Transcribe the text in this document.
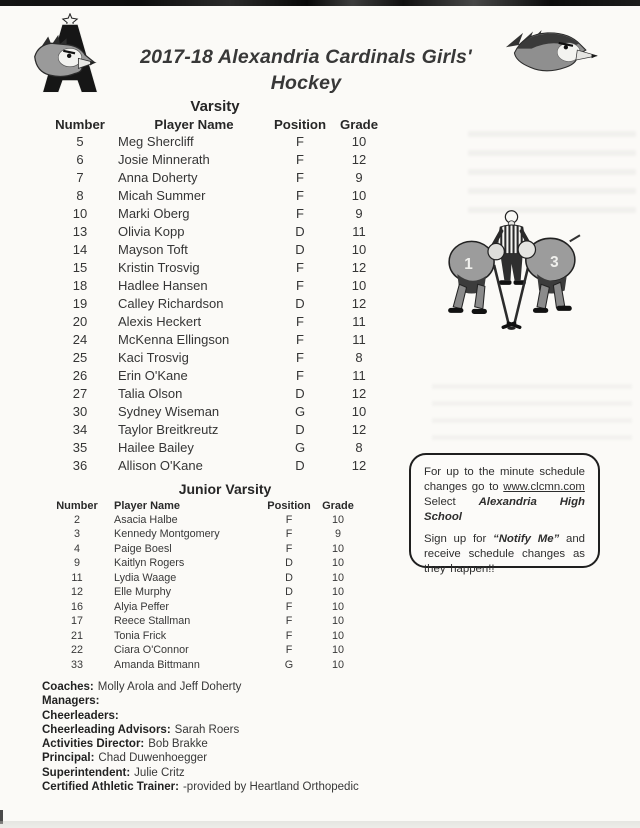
2017-18 Alexandria Cardinals Girls' Hockey
Varsity
Number	Player Name	Position	Grade
5	Meg Shercliff	F	10
6	Josie Minnerath	F	12
7	Anna Doherty	F	9
8	Micah Summer	F	10
10	Marki Oberg	F	9
13	Olivia Kopp	D	11
14	Mayson Toft	D	10
15	Kristin Trosvig	F	12
18	Hadlee Hansen	F	10
19	Calley Richardson	D	12
20	Alexis Heckert	F	11
24	McKenna Ellingson	F	11
25	Kaci Trosvig	F	8
26	Erin O'Kane	F	11
27	Talia Olson	D	12
30	Sydney Wiseman	G	10
34	Taylor Breitkreutz	D	12
35	Hailee Bailey	G	8
36	Allison O'Kane	D	12
1	3
Junior Varsity
Number	Player Name	Position	Grade
2	Asacia Halbe	F	10
3	Kennedy Montgomery	F	9
4	Paige Boesl	F	10
9	Kaitlyn Rogers	D	10
11	Lydia Waage	D	10
12	Elle Murphy	D	10
16	Alyia Peffer	F	10
17	Reece Stallman	F	10
21	Tonia Frick	F	10
22	Ciara O'Connor	F	10
33	Amanda Bittmann	G	10

For up to the minute schedule changes go to www.clcmn.com
Select Alexandria High School

Sign up for “Notify Me” and receive schedule changes as they happen!!

Coaches: Molly Arola and Jeff Doherty
Managers:
Cheerleaders:
Cheerleading Advisors: Sarah Roers
Activities Director: Bob Brakke
Principal: Chad Duwenhoegger
Superintendent: Julie Critz
Certified Athletic Trainer: -provided by Heartland Orthopedic
